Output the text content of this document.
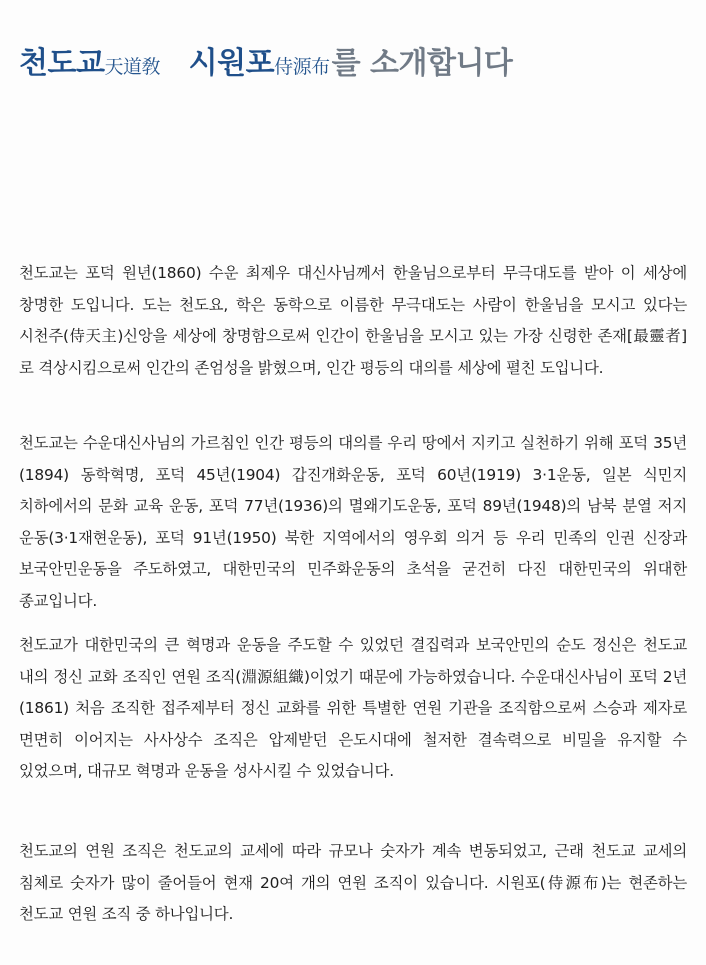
천도교天道敎 시원포侍源布를 소개합니다

천도교는 포덕 원년(1860) 수운 최제우 대신사님께서 한울님으로부터 무극대도를 받아 이 세상에 창명한 도입니다. 도는 천도요, 학은 동학으로 이름한 무극대도는 사람이 한울님을 모시고 있다는 시천주(侍天主)신앙을 세상에 창명함으로써 인간이 한울님을 모시고 있는 가장 신령한 존재[最靈者]로 격상시킴으로써 인간의 존엄성을 밝혔으며, 인간 평등의 대의를 세상에 펼친 도입니다.

천도교는 수운대신사님의 가르침인 인간 평등의 대의를 우리 땅에서 지키고 실천하기 위해 포덕 35년(1894) 동학혁명, 포덕 45년(1904) 갑진개화운동, 포덕 60년(1919) 3·1운동, 일본 식민지 치하에서의 문화 교육 운동, 포덕 77년(1936)의 멸왜기도운동, 포덕 89년(1948)의 남북 분열 저지 운동(3·1재현운동), 포덕 91년(1950) 북한 지역에서의 영우회 의거 등 우리 민족의 인권 신장과 보국안민운동을 주도하였고, 대한민국의 민주화운동의 초석을 굳건히 다진 대한민국의 위대한 종교입니다.

천도교가 대한민국의 큰 혁명과 운동을 주도할 수 있었던 결집력과 보국안민의 순도 정신은 천도교 내의 정신 교화 조직인 연원 조직(淵源組織)이었기 때문에 가능하였습니다. 수운대신사님이 포덕 2년(1861) 처음 조직한 접주제부터 정신 교화를 위한 특별한 연원 기관을 조직함으로써 스승과 제자로 면면히 이어지는 사사상수 조직은 압제받던 은도시대에 철저한 결속력으로 비밀을 유지할 수 있었으며, 대규모 혁명과 운동을 성사시킬 수 있었습니다.

천도교의 연원 조직은 천도교의 교세에 따라 규모나 숫자가 계속 변동되었고, 근래 천도교 교세의 침체로 숫자가 많이 줄어들어 현재 20여 개의 연원 조직이 있습니다. 시원포(侍源布)는 현존하는 천도교 연원 조직 중 하나입니다.
